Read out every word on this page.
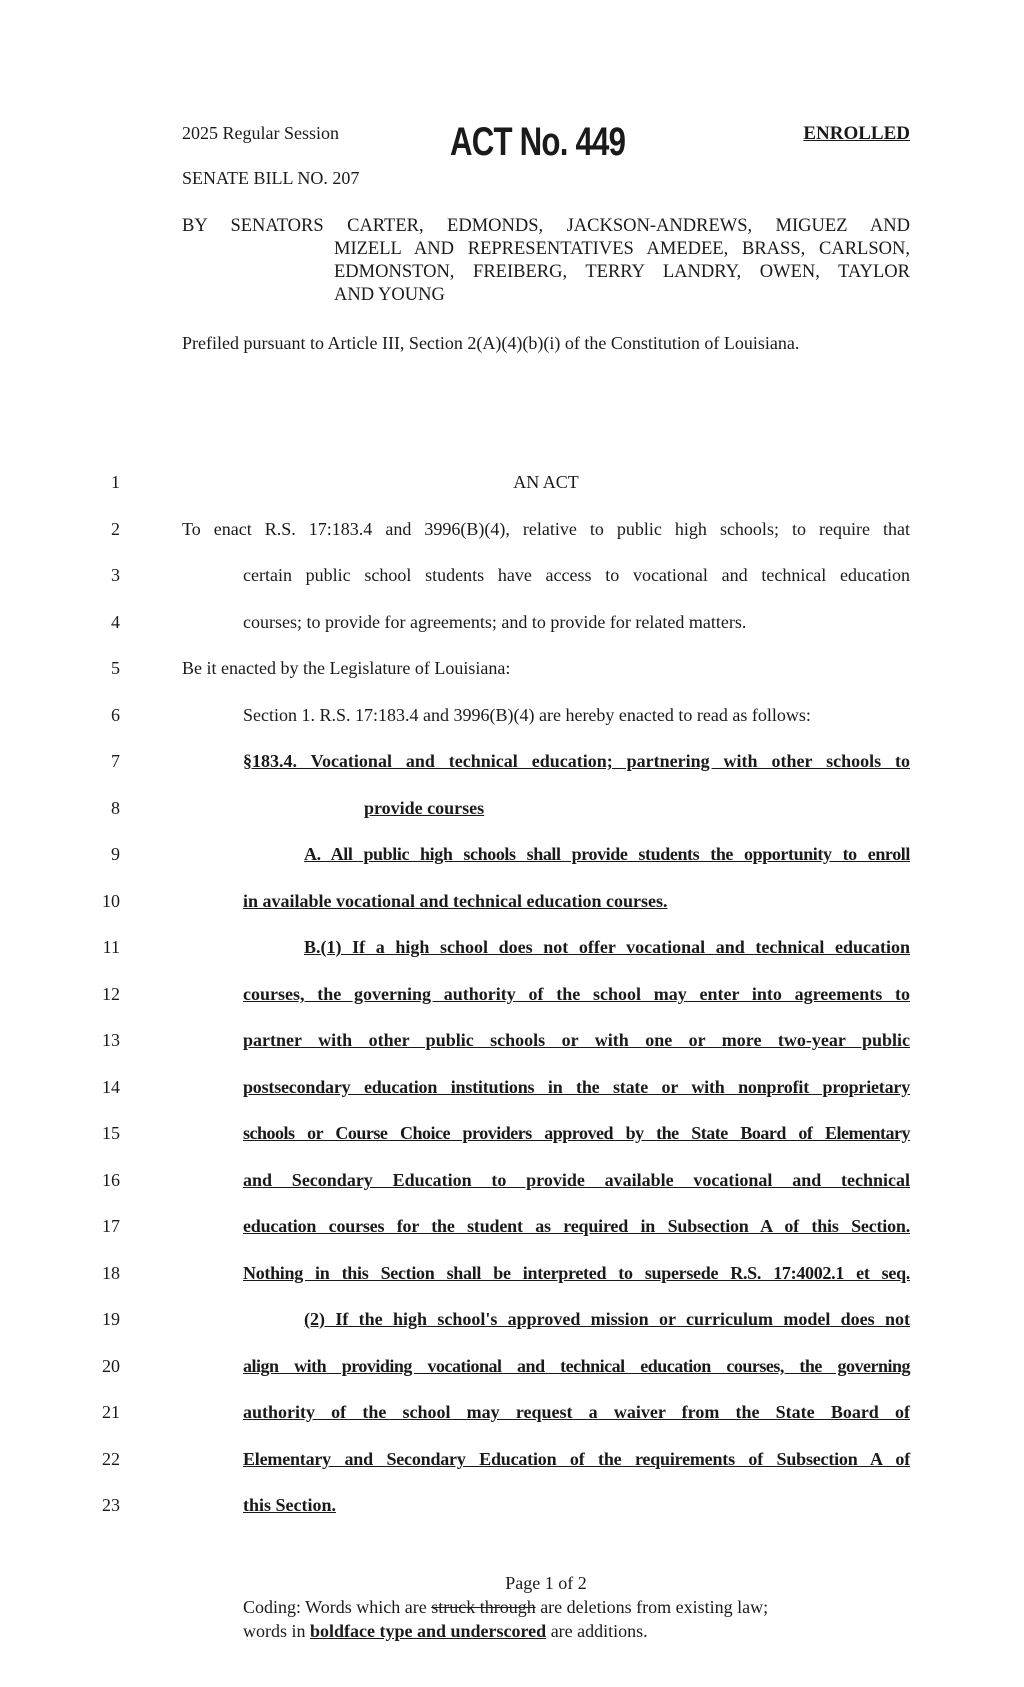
2025 Regular Session	ACT No. 449	ENROLLED
SENATE BILL NO. 207
BY SENATORS CARTER, EDMONDS, JACKSON-ANDREWS, MIGUEZ AND
MIZELL AND REPRESENTATIVES AMEDEE, BRASS, CARLSON,
EDMONSTON, FREIBERG, TERRY LANDRY, OWEN, TAYLOR
AND YOUNG
Prefiled pursuant to Article III, Section 2(A)(4)(b)(i) of the Constitution of Louisiana.
1	AN ACT
2	To enact R.S. 17:183.4 and 3996(B)(4), relative to public high schools; to require that
3	certain public school students have access to vocational and technical education
4	courses; to provide for agreements; and to provide for related matters.
5	Be it enacted by the Legislature of Louisiana:
6	Section 1. R.S. 17:183.4 and 3996(B)(4) are hereby enacted to read as follows:
7	§183.4. Vocational and technical education; partnering with other schools to
8	provide courses
9	A. All public high schools shall provide students the opportunity to enroll
10	in available vocational and technical education courses.
11	B.(1) If a high school does not offer vocational and technical education
12	courses, the governing authority of the school may enter into agreements to
13	partner with other public schools or with one or more two-year public
14	postsecondary education institutions in the state or with nonprofit proprietary
15	schools or Course Choice providers approved by the State Board of Elementary
16	and Secondary Education to provide available vocational and technical
17	education courses for the student as required in Subsection A of this Section.
18	Nothing in this Section shall be interpreted to supersede R.S. 17:4002.1 et seq.
19	(2) If the high school's approved mission or curriculum model does not
20	align with providing vocational and technical education courses, the governing
21	authority of the school may request a waiver from the State Board of
22	Elementary and Secondary Education of the requirements of Subsection A of
23	this Section.
Page 1 of 2
Coding: Words which are struck through are deletions from existing law;
words in boldface type and underscored are additions.
